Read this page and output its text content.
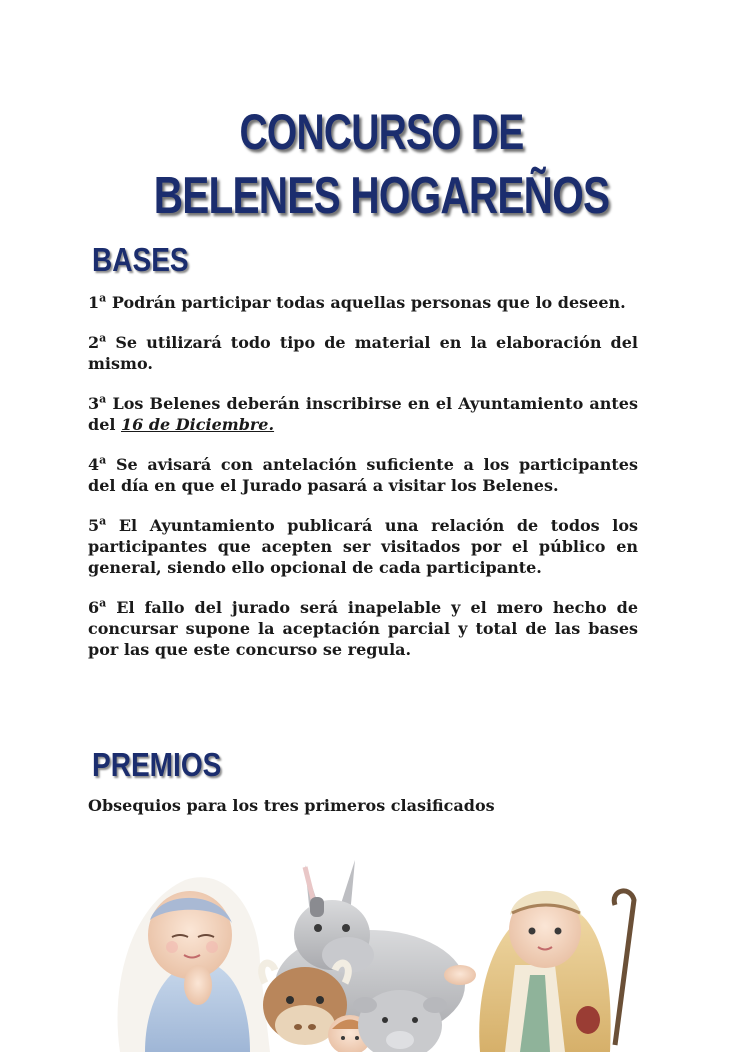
CONCURSO DE
BELENES HOGAREÑOS
BASES
1$^a$ Podrán participar todas aquellas personas que lo deseen.
2$^a$ Se utilizará todo tipo de material en la elaboración del mismo.
3$^a$ Los Belenes deberán inscribirse en el Ayuntamiento antes del 16 de Diciembre.
4$^a$ Se avisará con antelación suficiente a los participantes del día en que el Jurado pasará a visitar los Belenes.
5$^a$ El Ayuntamiento publicará una relación de todos los participantes que acepten ser visitados por el público en general, siendo ello opcional de cada participante.
6$^a$ El fallo del jurado será inapelable y el mero hecho de concursar supone la aceptación parcial y total de las bases por las que este concurso se regula.
PREMIOS

Obsequios para los tres primeros clasificados
